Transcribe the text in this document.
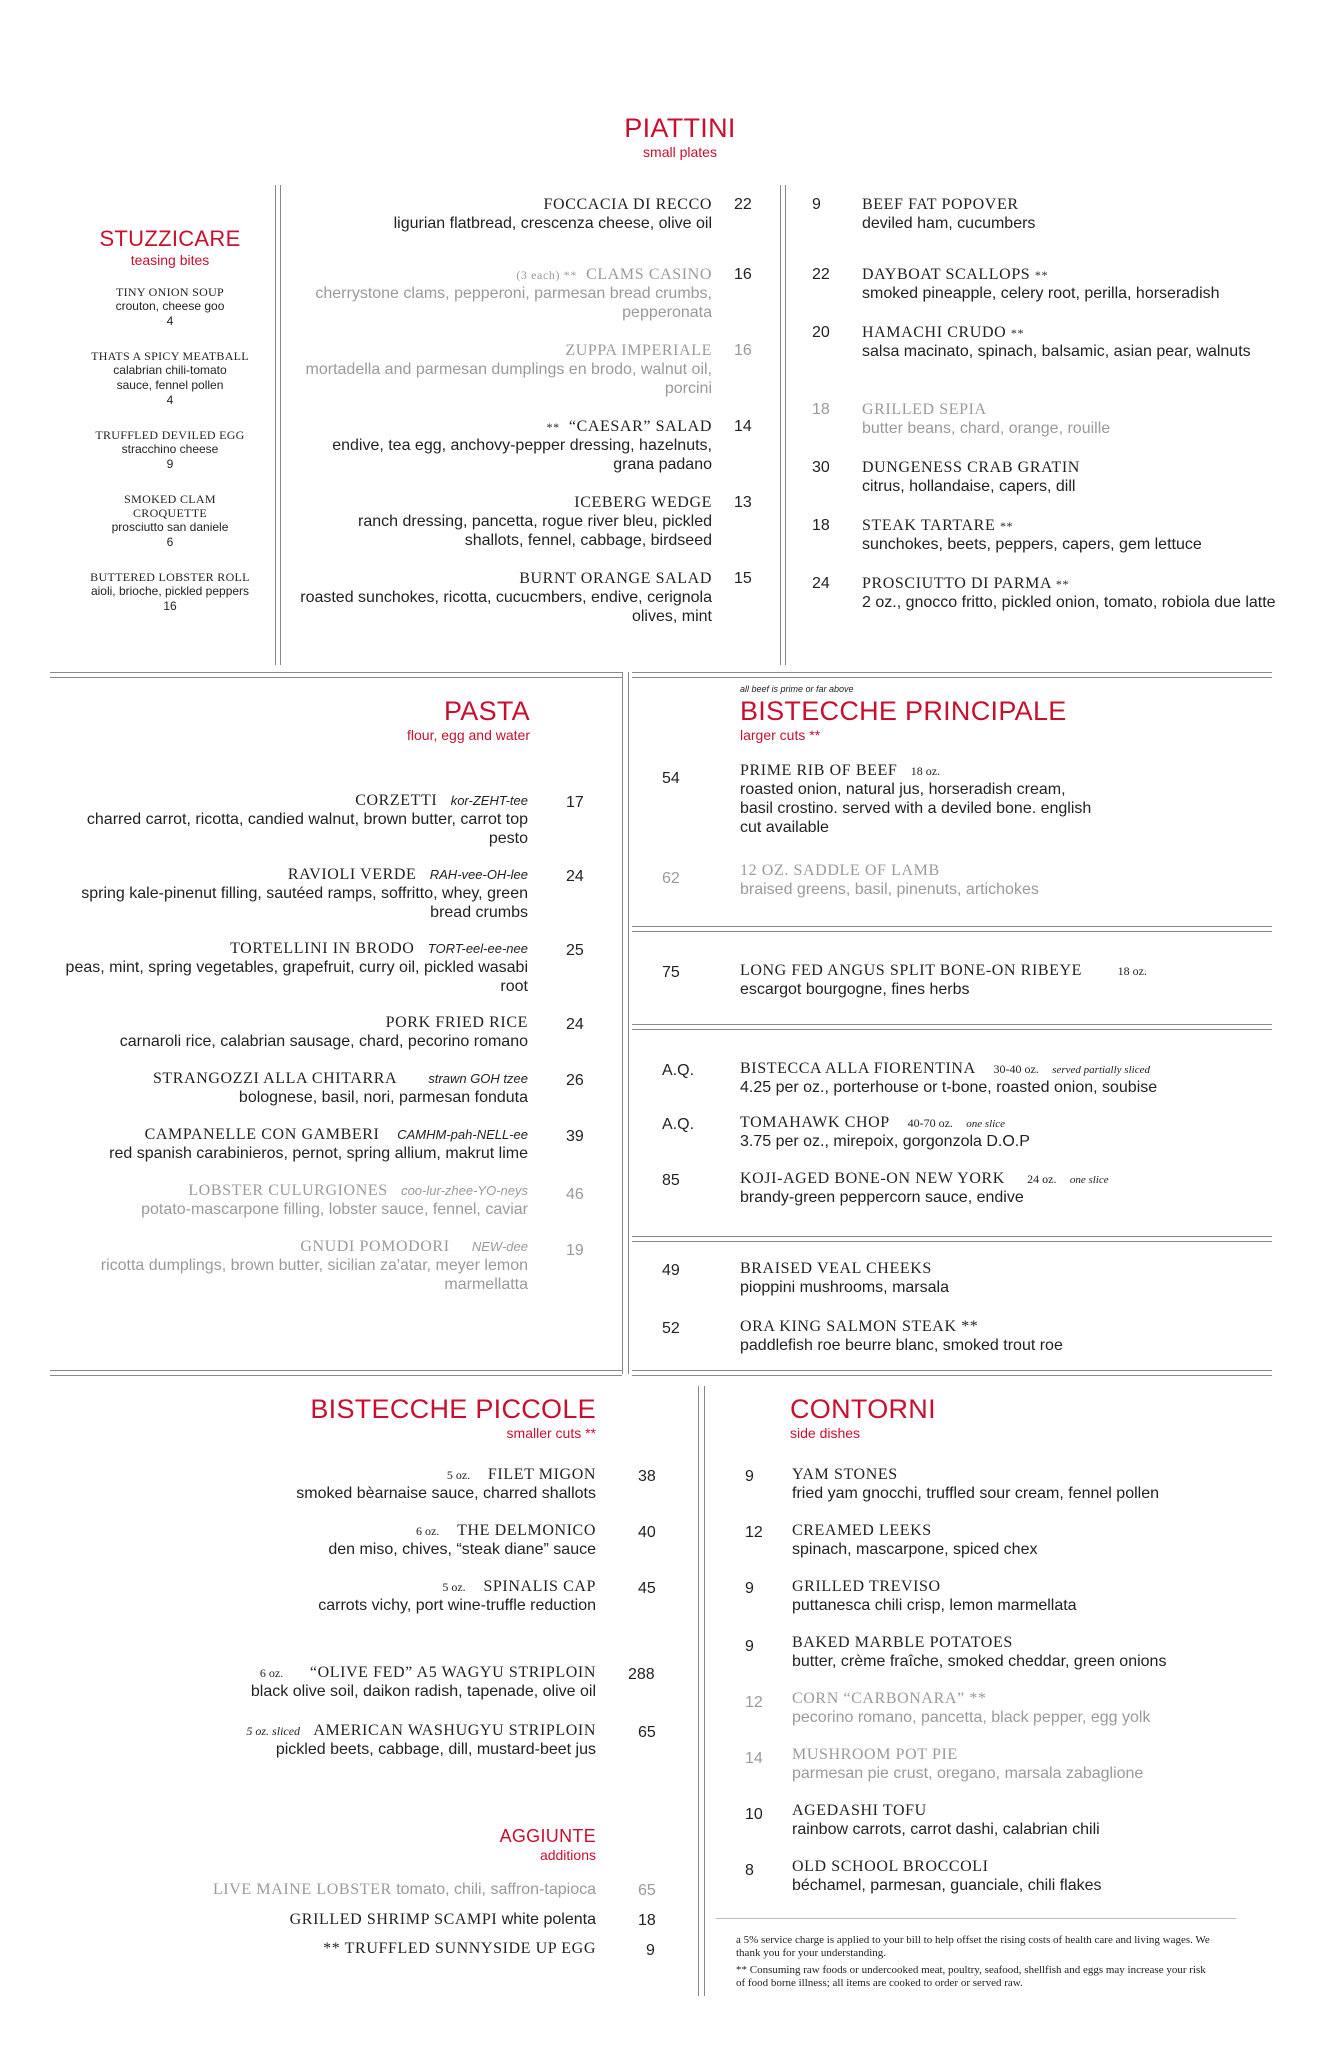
PIATTINI
small plates
STUZZICARE
teasing bites
TINY ONION SOUP
crouton, cheese goo
4
THATS A SPICY MEATBALL
calabrian chili-tomato sauce, fennel pollen
4
TRUFFLED DEVILED EGG
stracchino cheese
9
SMOKED CLAM CROQUETTE
prosciutto san daniele
6
BUTTERED LOBSTER ROLL
aioli, brioche, pickled peppers
16
FOCCACIA DI RECCO
ligurian flatbread, crescenza cheese, olive oil
22
(3 each) ** CLAMS CASINO
cherrystone clams, pepperoni, parmesan bread crumbs, pepperonata
16
ZUPPA IMPERIALE
mortadella and parmesan dumplings en brodo, walnut oil, porcini
16
** “CAESAR” SALAD
endive, tea egg, anchovy-pepper dressing, hazelnuts, grana padano
14
ICEBERG WEDGE
ranch dressing, pancetta, rogue river bleu, pickled shallots, fennel, cabbage, birdseed
13
BURNT ORANGE SALAD
roasted sunchokes, ricotta, cucucmbers, endive, cerignola olives, mint
15
9	BEEF FAT POPOVER
deviled ham, cucumbers
22 DAYBOAT SCALLOPS **
smoked pineapple, celery root, perilla, horseradish
20 HAMACHI CRUDO **
salsa macinato, spinach, balsamic, asian pear, walnuts
18 GRILLED SEPIA
butter beans, chard, orange, rouille
30 DUNGENESS CRAB GRATIN
citrus, hollandaise, capers, dill
18 STEAK TARTARE **
sunchokes, beets, peppers, capers, gem lettuce
24 PROSCIUTTO DI PARMA **
2 oz., gnocco fritto, pickled onion, tomato, robiola due latte
PASTA
flour, egg and water
CORZETTI kor-ZEHT-tee
charred carrot, ricotta, candied walnut, brown butter, carrot top pesto
17
RAVIOLI VERDE RAH-vee-OH-lee
spring kale-pinenut filling, sautéed ramps, soffritto, whey, green bread crumbs
24
TORTELLINI IN BRODO TORT-eel-ee-nee
peas, mint, spring vegetables, grapefruit, curry oil, pickled wasabi root
25
PORK FRIED RICE
carnaroli rice, calabrian sausage, chard, pecorino romano
24
STRANGOZZI ALLA CHITARRA strawn GOH tzee
bolognese, basil, nori, parmesan fonduta
26
CAMPANELLE CON GAMBERI CAMHM-pah-NELL-ee
red spanish carabinieros, pernot, spring allium, makrut lime
39
LOBSTER CULURGIONES coo-lur-zhee-YO-neys
potato-mascarpone filling, lobster sauce, fennel, caviar
46
GNUDI POMODORI NEW-dee
ricotta dumplings, brown butter, sicilian za'atar, meyer lemon marmellatta
19
all beef is prime or far above
BISTECCHE PRINCIPALE
larger cuts **
54	PRIME RIB OF BEEF 18 oz.
roasted onion, natural jus, horseradish cream, basil crostino. served with a deviled bone. english cut available
62	12 OZ. SADDLE OF LAMB
braised greens, basil, pinenuts, artichokes
75	LONG FED ANGUS SPLIT BONE-ON RIBEYE	18 oz.
escargot bourgogne, fines herbs
A.Q.	BISTECCA ALLA FIORENTINA 30-40 oz. served partially sliced
4.25 per oz., porterhouse or t-bone, roasted onion, soubise
A.Q.	TOMAHAWK CHOP 40-70 oz. one slice
3.75 per oz., mirepoix, gorgonzola D.O.P
85	KOJI-AGED BONE-ON NEW YORK 24 oz. one slice
brandy-green peppercorn sauce, endive
49	BRAISED VEAL CHEEKS
pioppini mushrooms, marsala
52	ORA KING SALMON STEAK **
paddlefish roe beurre blanc, smoked trout roe
BISTECCHE PICCOLE
smaller cuts **
5 oz. FILET MIGON
smoked bèarnaise sauce, charred shallots
38
6 oz. THE DELMONICO
den miso, chives, “steak diane” sauce
40
5 oz. SPINALIS CAP
carrots vichy, port wine-truffle reduction
45
6 oz. “OLIVE FED” A5 WAGYU STRIPLOIN
black olive soil, daikon radish, tapenade, olive oil
288
5 oz. sliced AMERICAN WASHUGYU STRIPLOIN
pickled beets, cabbage, dill, mustard-beet jus
65
AGGIUNTE
additions
LIVE MAINE LOBSTER tomato, chili, saffron-tapioca	65
GRILLED SHRIMP SCAMPI white polenta	18
** TRUFFLED SUNNYSIDE UP EGG	9
CONTORNI
side dishes
9 YAM STONES
fried yam gnocchi, truffled sour cream, fennel pollen
12 CREAMED LEEKS
spinach, mascarpone, spiced chex
9 GRILLED TREVISO
puttanesca chili crisp, lemon marmellata
9 BAKED MARBLE POTATOES
butter, crème fraîche, smoked cheddar, green onions
12 CORN “CARBONARA” **
pecorino romano, pancetta, black pepper, egg yolk
14 MUSHROOM POT PIE
parmesan pie crust, oregano, marsala zabaglione
10 AGEDASHI TOFU
rainbow carrots, carrot dashi, calabrian chili
8 OLD SCHOOL BROCCOLI
béchamel, parmesan, guanciale, chili flakes
a 5% service charge is applied to your bill to help offset the rising costs of health care and living wages. We thank you for your understanding.
** Consuming raw foods or undercooked meat, poultry, seafood, shellfish and eggs may increase your risk of food borne illness; all items are cooked to order or served raw.
